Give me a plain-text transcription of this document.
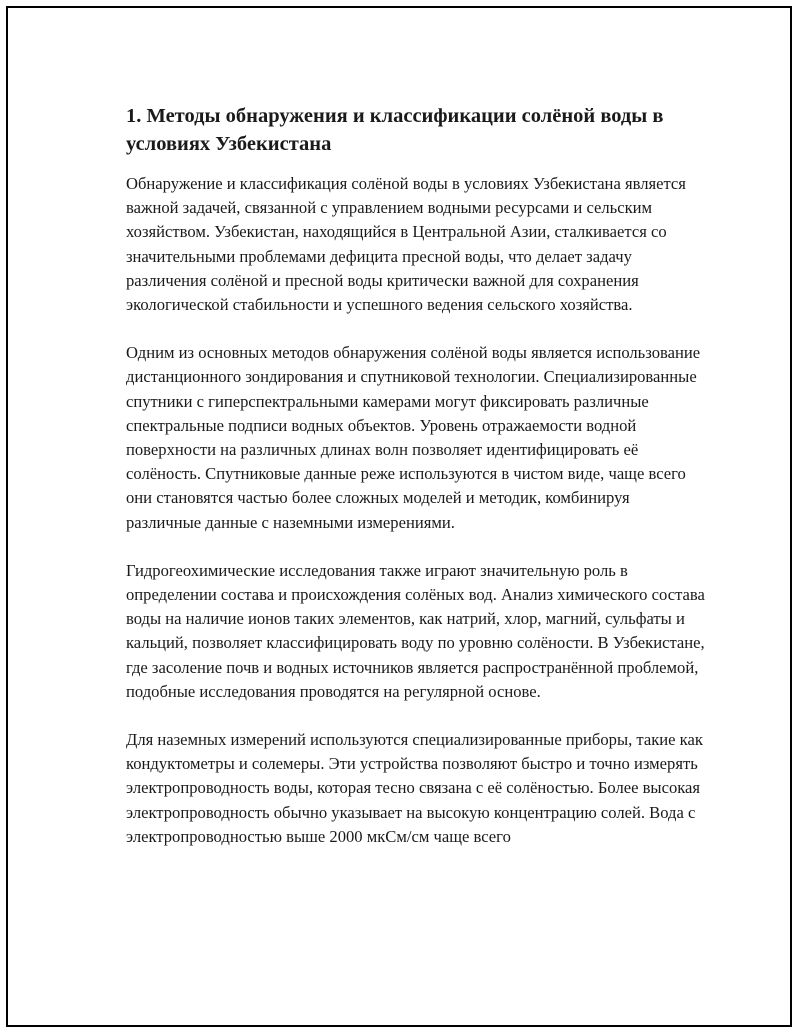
1. Методы обнаружения и классификации солёной воды в условиях Узбекистана

Обнаружение и классификация солёной воды в условиях Узбекистана является важной задачей, связанной с управлением водными ресурсами и сельским хозяйством. Узбекистан, находящийся в Центральной Азии, сталкивается со значительными проблемами дефицита пресной воды, что делает задачу различения солёной и пресной воды критически важной для сохранения экологической стабильности и успешного ведения сельского хозяйства.

Одним из основных методов обнаружения солёной воды является использование дистанционного зондирования и спутниковой технологии. Специализированные спутники с гиперспектральными камерами могут фиксировать различные спектральные подписи водных объектов. Уровень отражаемости водной поверхности на различных длинах волн позволяет идентифицировать её солёность. Спутниковые данные реже используются в чистом виде, чаще всего они становятся частью более сложных моделей и методик, комбинируя различные данные с наземными измерениями.

Гидрогеохимические исследования также играют значительную роль в определении состава и происхождения солёных вод. Анализ химического состава воды на наличие ионов таких элементов, как натрий, хлор, магний, сульфаты и кальций, позволяет классифицировать воду по уровню солёности. В Узбекистане, где засоление почв и водных источников является распространённой проблемой, подобные исследования проводятся на регулярной основе.

Для наземных измерений используются специализированные приборы, такие как кондуктометры и солемеры. Эти устройства позволяют быстро и точно измерять электропроводность воды, которая тесно связана с её солёностью. Более высокая электропроводность обычно указывает на высокую концентрацию солей. Вода с электропроводностью выше 2000 мкСм/см чаще всего
